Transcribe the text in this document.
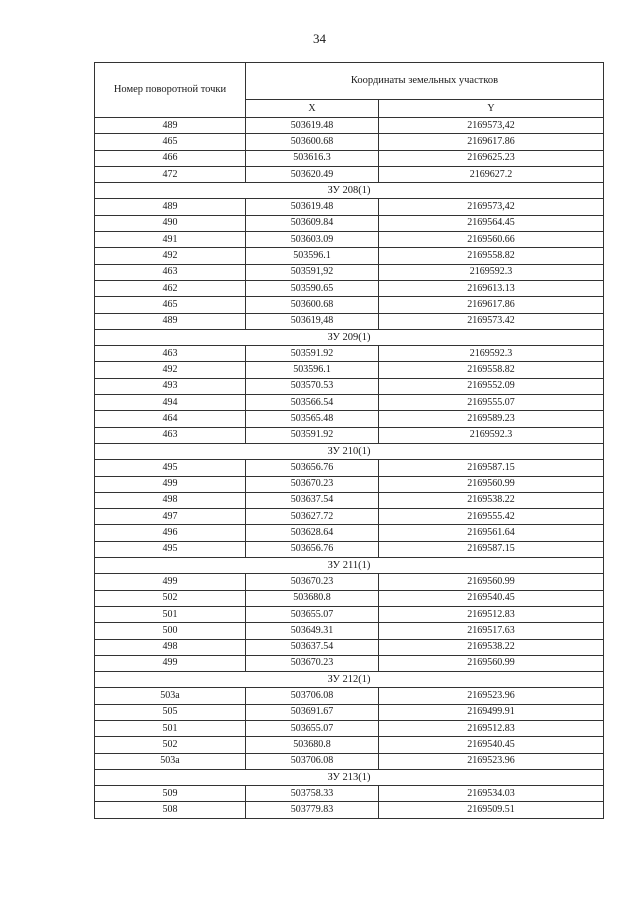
34
Номер поворотной точки	Координаты земельных участков	
	X	Y
489	503619.48	2169573,42
465	503600.68	2169617.86
466	503616.3	2169625.23
472	503620.49	2169627.2
ЗУ 208(1)		
489	503619.48	2169573,42
490	503609.84	2169564.45
491	503603.09	2169560.66
492	503596.1	2169558.82
463	503591,92	2169592.3
462	503590.65	2169613.13
465	503600.68	2169617.86
489	503619,48	2169573.42
ЗУ 209(1)		
463	503591.92	2169592.3
492	503596.1	2169558.82
493	503570.53	2169552.09
494	503566.54	2169555.07
464	503565.48	2169589.23
463	503591.92	2169592.3
ЗУ 210(1)		
495	503656.76	2169587.15
499	503670.23	2169560.99
498	503637.54	2169538.22
497	503627.72	2169555.42
496	503628.64	2169561.64
495	503656.76	2169587.15
ЗУ 211(1)		
499	503670.23	2169560.99
502	503680.8	2169540.45
501	503655.07	2169512.83
500	503649.31	2169517.63
498	503637.54	2169538.22
499	503670.23	2169560.99
ЗУ 212(1)		
503a	503706.08	2169523.96
505	503691.67	2169499.91
501	503655.07	2169512.83
502	503680.8	2169540.45
503a	503706.08	2169523.96
ЗУ 213(1)		
509	503758.33	2169534.03
508	503779.83	2169509.51
